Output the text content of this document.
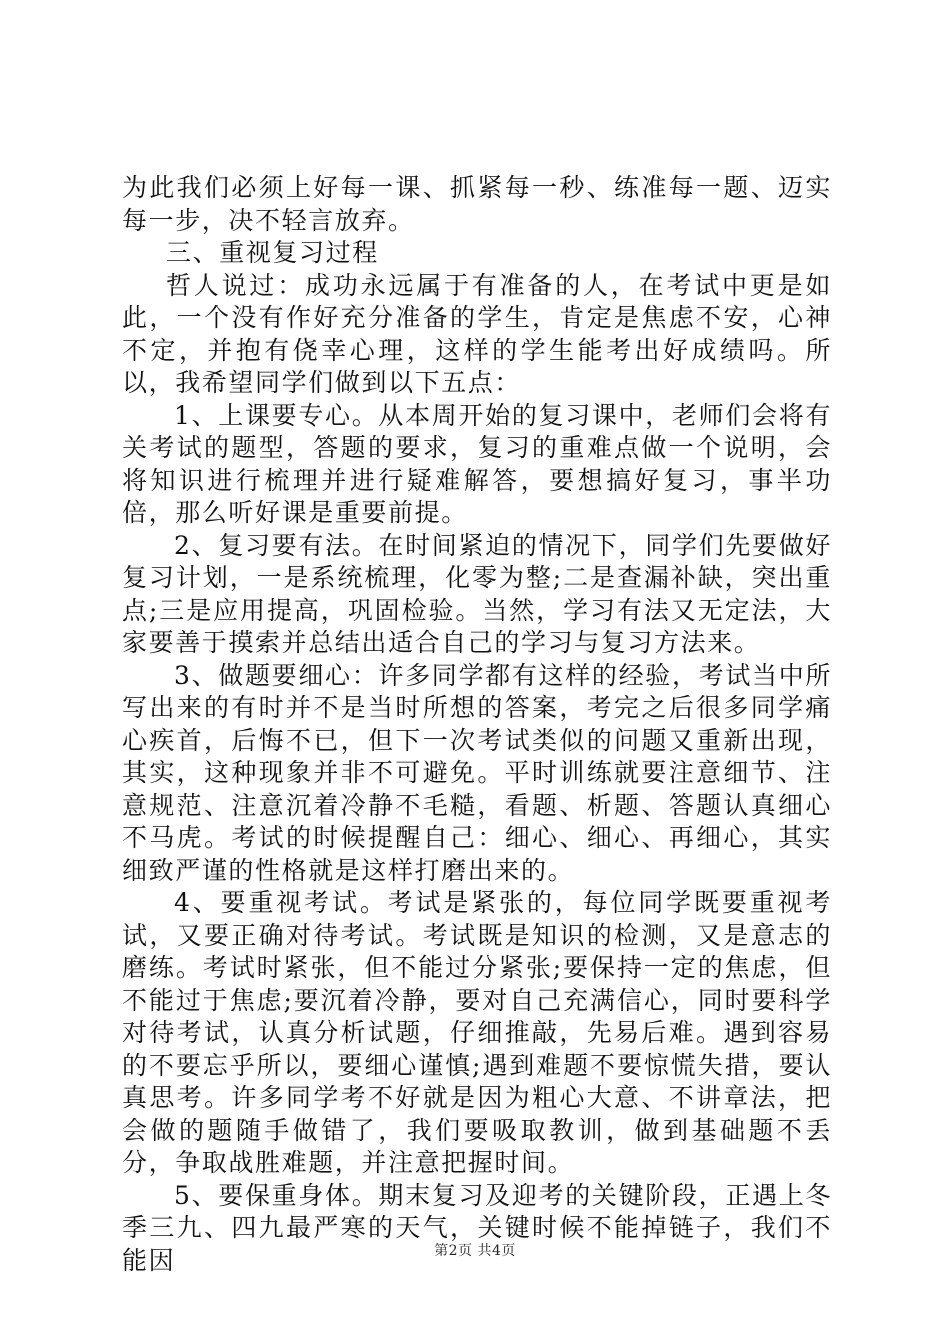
为此我们必须上好每一课、抓紧每一秒、练准每一题、迈实每一步，决不轻言放弃。

三、重视复习过程

哲人说过：成功永远属于有准备的人，在考试中更是如此，一个没有作好充分准备的学生，肯定是焦虑不安，心神不定，并抱有侥幸心理，这样的学生能考出好成绩吗。所以，我希望同学们做到以下五点：

1、上课要专心。从本周开始的复习课中，老师们会将有关考试的题型，答题的要求，复习的重难点做一个说明，会将知识进行梳理并进行疑难解答，要想搞好复习，事半功倍，那么听好课是重要前提。

2、复习要有法。在时间紧迫的情况下，同学们先要做好复习计划，一是系统梳理，化零为整;二是查漏补缺，突出重点;三是应用提高，巩固检验。当然，学习有法又无定法，大家要善于摸索并总结出适合自己的学习与复习方法来。

3、做题要细心：许多同学都有这样的经验，考试当中所写出来的有时并不是当时所想的答案，考完之后很多同学痛心疾首，后悔不已，但下一次考试类似的问题又重新出现，其实，这种现象并非不可避免。平时训练就要注意细节、注意规范、注意沉着冷静不毛糙，看题、析题、答题认真细心不马虎。考试的时候提醒自己：细心、细心、再细心，其实细致严谨的性格就是这样打磨出来的。

4、要重视考试。考试是紧张的，每位同学既要重视考试，又要正确对待考试。考试既是知识的检测，又是意志的磨练。考试时紧张，但不能过分紧张;要保持一定的焦虑，但不能过于焦虑;要沉着冷静，要对自己充满信心，同时要科学对待考试，认真分析试题，仔细推敲，先易后难。遇到容易的不要忘乎所以，要细心谨慎;遇到难题不要惊慌失措，要认真思考。许多同学考不好就是因为粗心大意、不讲章法，把会做的题随手做错了，我们要吸取教训，做到基础题不丢分，争取战胜难题，并注意把握时间。

5、要保重身体。期末复习及迎考的关键阶段，正遇上冬季三九、四九最严寒的天气，关键时候不能掉链子，我们不能因	第2页 共4页
